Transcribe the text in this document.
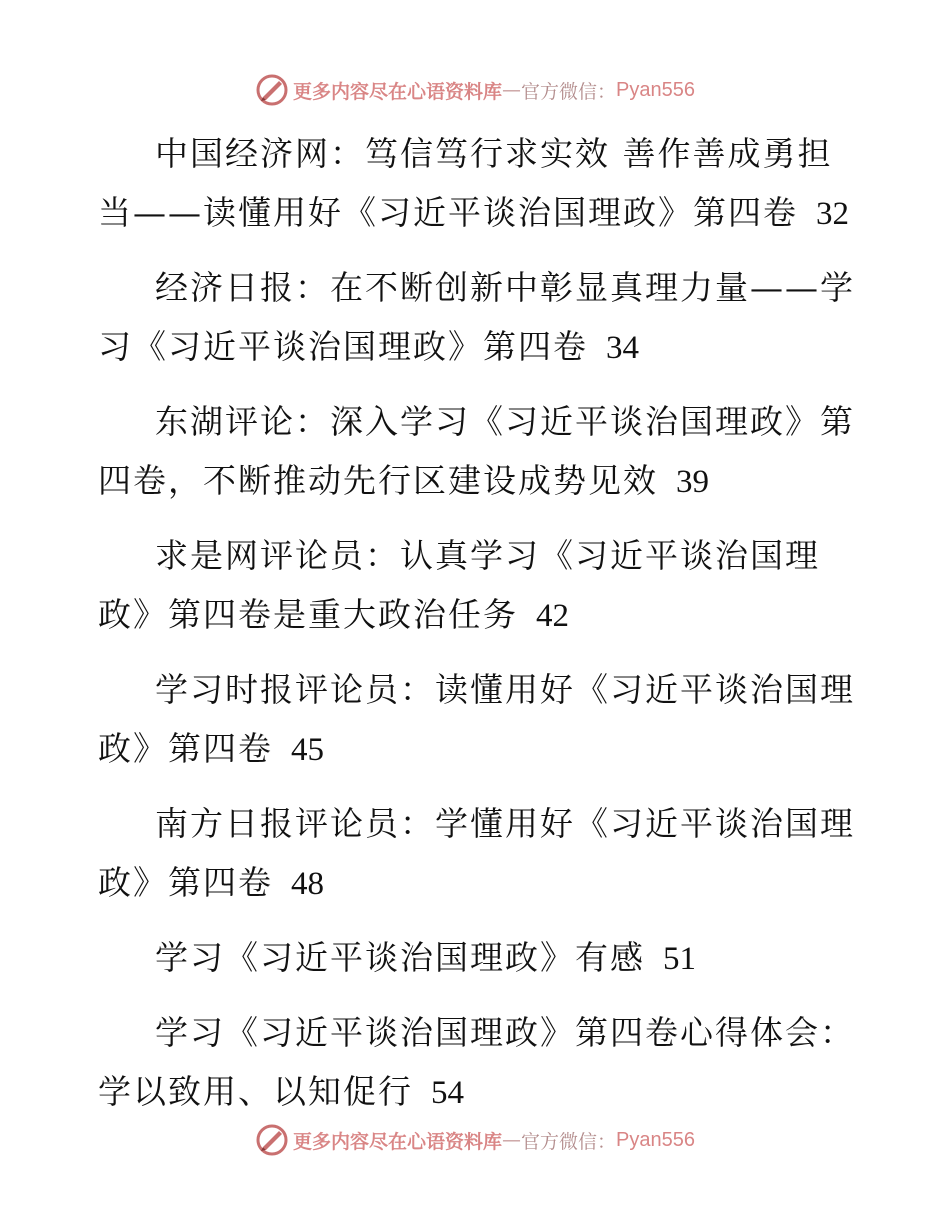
更多内容尽在心语资料库 — 官方微信： Pyan556

中国经济网：笃信笃行求实效 善作善成勇担当——读懂用好《习近平谈治国理政》第四卷 32

经济日报：在不断创新中彰显真理力量——学习《习近平谈治国理政》第四卷 34

东湖评论：深入学习《习近平谈治国理政》第四卷，不断推动先行区建设成势见效 39

求是网评论员：认真学习《习近平谈治国理政》第四卷是重大政治任务 42

学习时报评论员：读懂用好《习近平谈治国理政》第四卷 45

南方日报评论员：学懂用好《习近平谈治国理政》第四卷 48

学习《习近平谈治国理政》有感 51

学习《习近平谈治国理政》第四卷心得体会：学以致用、以知促行 54

更多内容尽在心语资料库 — 官方微信： Pyan556
